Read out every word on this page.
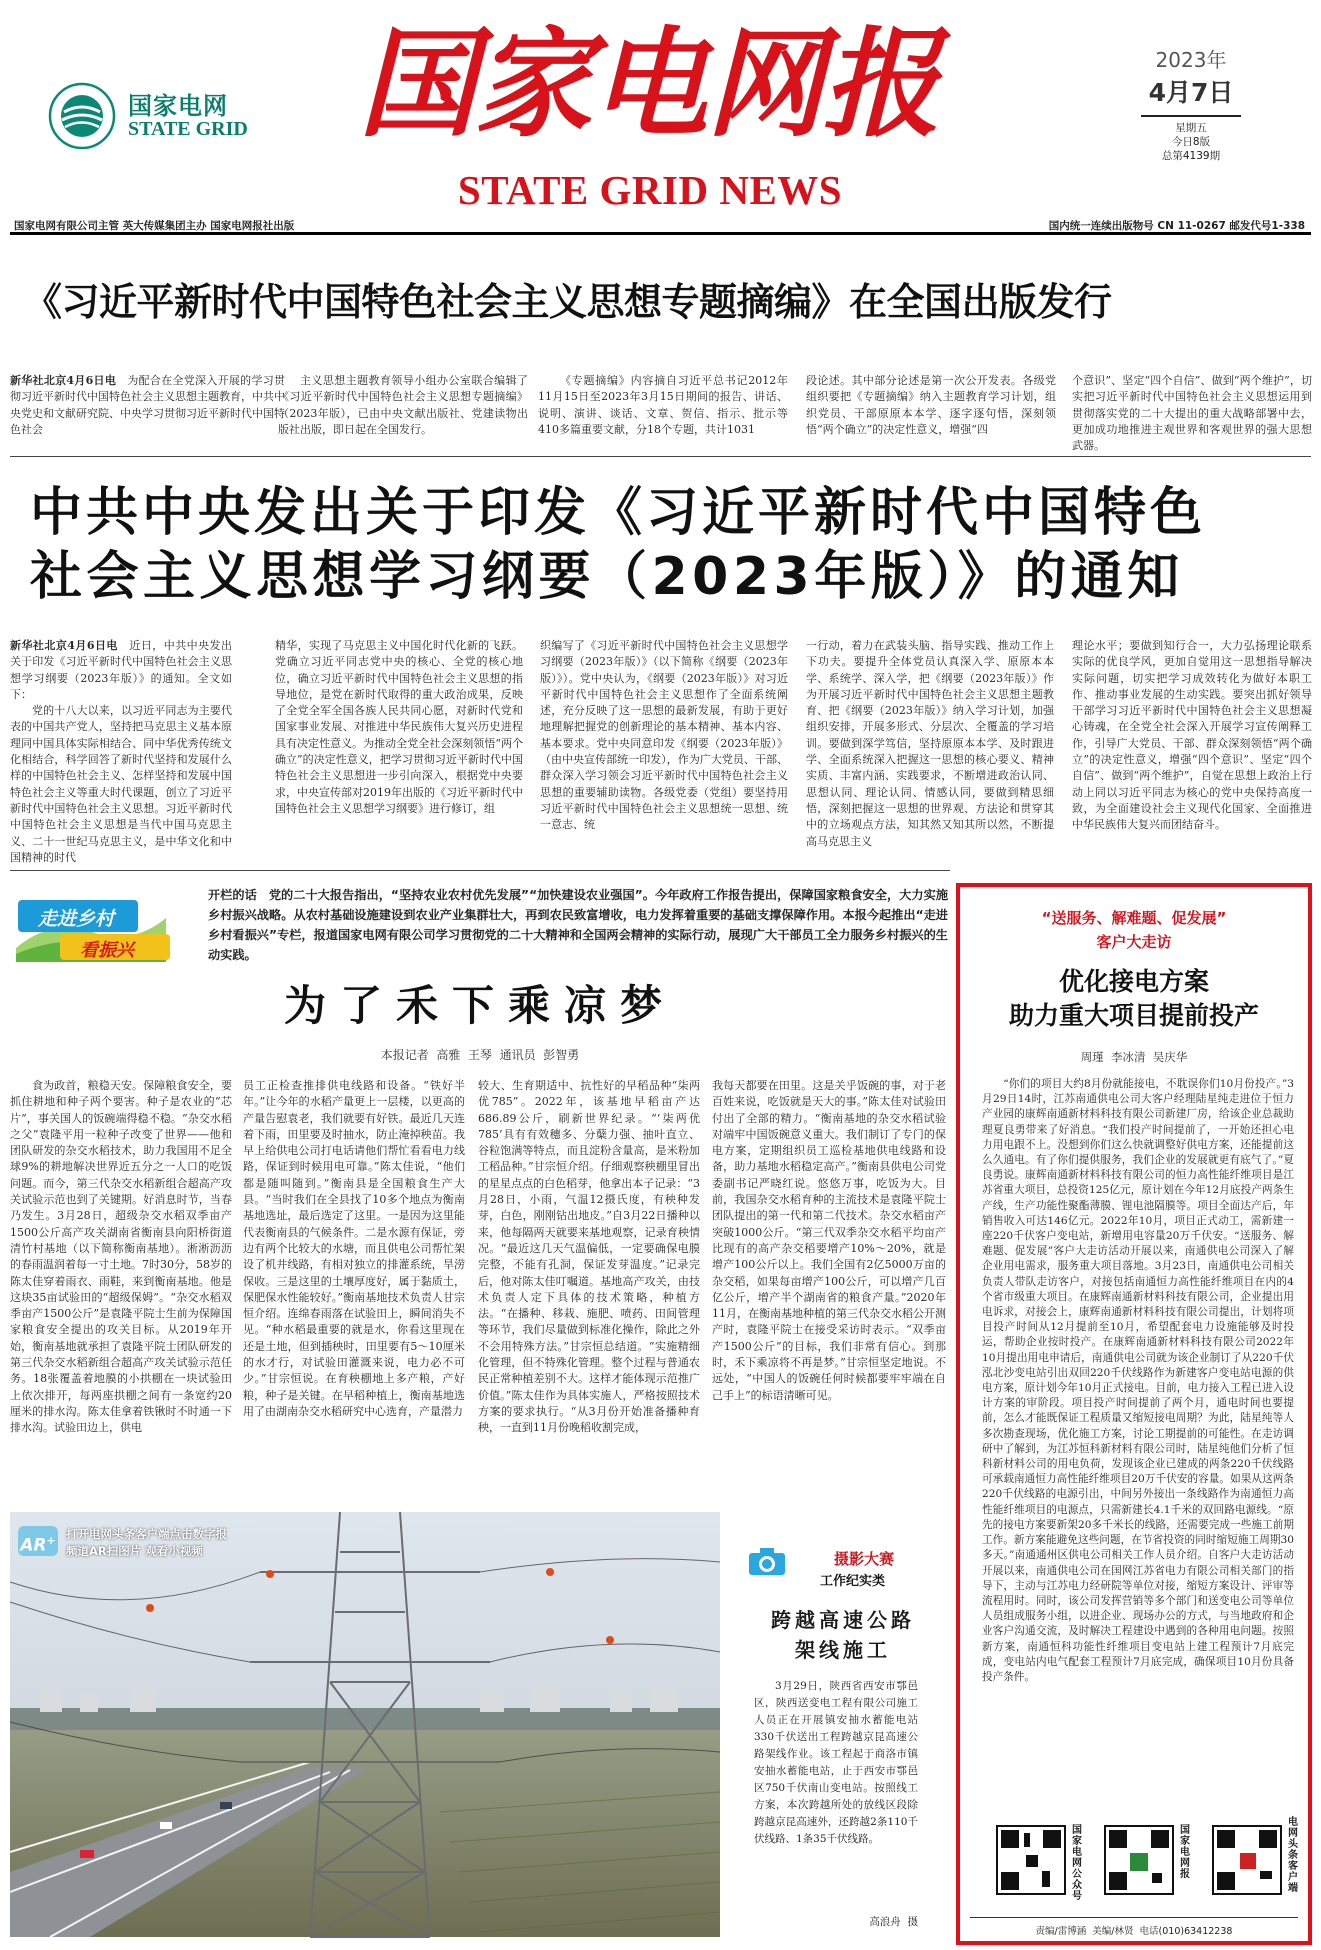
国家电网
STATE GRID 国家电网报
STATE GRID NEWS
2023年
4月7日
星期五
今日8版
总第4139期
国家电网有限公司主管 英大传媒集团主办 国家电网报社出版	国内统一连续出版物号 CN 11-0267 邮发代号1-338
《习近平新时代中国特色社会主义思想专题摘编》在全国出版发行

新华社北京4月6日电　 为配合在全党深入开展的学习贯彻习近平新时代中国特色社会主义思想主题教育，中共中央党史和文献研究院、中央学习贯彻习近平新时代中国特色社会

主义思想主题教育领导小组办公室联合编辑了《习近平新时代中国特色社会主义思想专题摘编》（2023年版），已由中央文献出版社、党建读物出版社出版，即日起在全国发行。

《专题摘编》内容摘自习近平总书记2012年11月15日至2023年3月15日期间的报告、讲话、说明、演讲、谈话、文章、贺信、指示、批示等410多篇重要文献，分18个专题，共计1031

段论述。其中部分论述是第一次公开发表。各级党组织要把《专题摘编》纳入主题教育学习计划，组织党员、干部原原本本学、逐字逐句悟，深刻领悟“两个确立”的决定性意义，增强“四

个意识”、坚定“四个自信”、做到“两个维护”，切实把习近平新时代中国特色社会主义思想运用到贯彻落实党的二十大提出的重大战略部署中去，更加成功地推进主观世界和客观世界的强大思想武器。

中共中央发出关于印发《习近平新时代中国特色
社会主义思想学习纲要（2023年版）》的通知

新华社北京4月6日电　 近日，中共中央发出关于印发《习近平新时代中国特色社会主义思想学习纲要（2023年版）》的通知。全文如下：

党的十八大以来，以习近平同志为主要代表的中国共产党人，坚持把马克思主义基本原理同中国具体实际相结合、同中华优秀传统文化相结合，科学回答了新时代坚持和发展什么样的中国特色社会主义、怎样坚持和发展中国特色社会主义等重大时代课题，创立了习近平新时代中国特色社会主义思想。习近平新时代中国特色社会主义思想是当代中国马克思主义、二十一世纪马克思主义，是中华文化和中国精神的时代

精华，实现了马克思主义中国化时代化新的飞跃。党确立习近平同志党中央的核心、全党的核心地位，确立习近平新时代中国特色社会主义思想的指导地位，是党在新时代取得的重大政治成果，反映了全党全军全国各族人民共同心愿，对新时代党和国家事业发展、对推进中华民族伟大复兴历史进程具有决定性意义。为推动全党全社会深刻领悟“两个确立”的决定性意义，把学习贯彻习近平新时代中国特色社会主义思想进一步引向深入，根据党中央要求，中央宣传部对2019年出版的《习近平新时代中国特色社会主义思想学习纲要》进行修订，组

织编写了《习近平新时代中国特色社会主义思想学习纲要（2023年版）》（以下简称《纲要（2023年版）》）。党中央认为，《纲要（2023年版）》对习近平新时代中国特色社会主义思想作了全面系统阐述，充分反映了这一思想的最新发展，有助于更好地理解把握党的创新理论的基本精神、基本内容、基本要求。党中央同意印发《纲要（2023年版）》（由中央宣传部统一印发），作为广大党员、干部、群众深入学习领会习近平新时代中国特色社会主义思想的重要辅助读物。各级党委（党组）要坚持用习近平新时代中国特色社会主义思想统一思想、统一意志、统

一行动，着力在武装头脑、指导实践、推动工作上下功夫。要提升全体党员认真深入学、原原本本学、系统学、深入学，把《纲要（2023年版）》作为开展习近平新时代中国特色社会主义思想主题教育、把《纲要（2023年版）》纳入学习计划，加强组织安排，开展多形式、分层次、全覆盖的学习培训。要做到深学笃信，坚持原原本本学、及时跟进学、全面系统深入把握这一思想的核心要义、精神实质、丰富内涵、实践要求，不断增进政治认同、思想认同、理论认同、情感认同，要做到精思细悟，深刻把握这一思想的世界观、方法论和贯穿其中的立场观点方法，知其然又知其所以然，不断提高马克思主义

理论水平；要做到知行合一，大力弘扬理论联系实际的优良学风，更加自觉用这一思想指导解决实际问题，切实把学习成效转化为做好本职工作、推动事业发展的生动实践。要突出抓好领导干部学习习近平新时代中国特色社会主义思想凝心铸魂，在全党全社会深入开展学习宣传阐释工作，引导广大党员、干部、群众深刻领悟“两个确立”的决定性意义，增强“四个意识”、坚定“四个自信”、做到“两个维护”，自觉在思想上政治上行动上同以习近平同志为核心的党中央保持高度一致，为全面建设社会主义现代化国家、全面推进中华民族伟大复兴而团结奋斗。

走进乡村
看振兴
开栏的话 党的二十大报告指出，“坚持农业农村优先发展”“加快建设农业强国”。今年政府工作报告提出，保障国家粮食安全，大力实施乡村振兴战略。从农村基础设施建设到农业产业集群壮大，再到农民致富增收，电力发挥着重要的基础支撑保障作用。本报今起推出“走进乡村看振兴”专栏，报道国家电网有限公司学习贯彻党的二十大精神和全国两会精神的实际行动，展现广大干部员工全力服务乡村振兴的生动实践。
为了禾下乘凉梦
本报记者  高雅  王琴  通讯员  彭智勇

食为政首，粮稳天安。保障粮食安全，要抓住耕地和种子两个要害。种子是农业的“芯片”，事关国人的饭碗端得稳不稳。“杂交水稻之父”袁隆平用一粒种子改变了世界——他和团队研发的杂交水稻技术，助力我国用不足全球9%的耕地解决世界近五分之一人口的吃饭问题。而今，第三代杂交水稻新组合超高产攻关试验示范也到了关键期。好消息时节，当春乃发生。3月28日，超级杂交水稻双季亩产1500公斤高产攻关湖南省衡南县向阳桥街道清竹村基地（以下简称衡南基地）。淅淅沥沥的春雨温润着每一寸土地。7时30分，58岁的陈太佳穿着雨衣、雨鞋，来到衡南基地。他是这块35亩试验田的“超级保姆”。“杂交水稻双季亩产1500公斤”是袁隆平院士生前为保障国家粮食安全提出的攻关目标。从2019年开始，衡南基地就承担了袁隆平院士团队研发的第三代杂交水稻新组合超高产攻关试验示范任务。18张覆盖着地膜的小拱棚在一块试验田上依次排开，每两座拱棚之间有一条宽约20厘米的排水沟。陈太佳拿着铁锹时不时通一下排水沟。试验田边上，供电

员工正检查推排供电线路和设备。“铁好半年。”让今年的水稻产量更上一层楼，以更高的产量告慰袁老，我们就要有好铁。最近几天连着下雨，田里要及时抽水，防止淹掉秧苗。我早上给供电公司打电话请他们帮忙看看电力线路，保证到时候用电可靠。”陈太佳说，“他们都是随叫随到。”衡南县是全国粮食生产大县。“当时我们在全县找了10多个地点为衡南基地选址，最后选定了这里。一是因为这里能代表衡南县的气候条件。二是水源有保证，旁边有两个比较大的水塘，而且供电公司帮忙架设了机井线路，有相对独立的排灌系统，旱涝保收。三是这里的土壤厚度好，属于黏质土，保肥保水性能较好。”衡南基地技术负责人甘宗恒介绍。连绵春雨落在试验田上，瞬间消失不见。“种水稻最重要的就是水，你看这里现在还是土地，但到插秧时，田里要有5～10厘米的水才行，对试验田灌溉来说，电力必不可少。”甘宗恒说。在育秧棚地上多产粮，产好粮，种子是关键。在早稻种植上，衡南基地选用了由湖南杂交水稻研究中心选育，产量潜力

较大、生育期适中、抗性好的早稻品种“柒两优785”。2022年，该基地早稻亩产达686.89公斤，刷新世界纪录。“‘柒两优785’具有有效穗多、分蘖力强、抽叶直立、谷粒饱满等特点，而且淀粉含量高，是米粉加工稻品种。”甘宗恒介绍。仔细观察秧棚里冒出的星星点点的白色稻芽，他拿出本子记录：“3月28日，小雨，气温12摄氏度，有秧种发芽，白色，刚刚钻出地皮。”自3月22日播种以来，他每隔两天就要来基地观察，记录育秧情况。“最近这几天气温偏低，一定要确保电膜完整，不能有孔洞，保证发芽温度。”记录完后，他对陈太佳叮嘱道。基地高产攻关，由技术负责人定下具体的技术策略，种植方法。“在播种、移栽、施肥、喷药、田间管理等环节，我们尽量做到标准化操作，除此之外不会用特殊方法。”甘宗恒总结道。“实施精细化管理，但不特殊化管理。整个过程与普通农民正常种植差别不大。这样才能体现示范推广价值。”陈太佳作为具体实施人，严格按照技术方案的要求执行。“从3月份开始准备播种育秧，一直到11月份晚稻收割完成，

我每天都要在田里。这是关乎饭碗的事，对于老百姓来说，吃饭就是天大的事。”陈太佳对试验田付出了全部的精力。“衡南基地的杂交水稻试验对端牢中国饭碗意义重大。我们制订了专门的保电方案，定期组织员工巡检基地供电线路和设备，助力基地水稻稳定高产。”衡南县供电公司党委副书记严晓红说。悠悠万事，吃饭为大。目前，我国杂交水稻育种的主流技术是袁隆平院士团队提出的第一代和第二代技术。杂交水稻亩产突破1000公斤。“第三代双季杂交水稻平均亩产比现有的高产杂交稻要增产10%～20%，就是增产100公斤以上。我们全国有2亿5000万亩的杂交稻，如果每亩增产100公斤，可以增产几百亿公斤，增产半个湖南省的粮食产量。”2020年11月，在衡南基地种植的第三代杂交水稻公开测产时，袁隆平院士在接受采访时表示。“双季亩产1500公斤”的目标，我们非常有信心。到那时，禾下乘凉将不再是梦。”甘宗恒坚定地说。不远处，“中国人的饭碗任何时候都要牢牢端在自己手上”的标语清晰可见。

AR+ 打开电网头条客户端点击数字报
频道AR扫图片 观看小视频	摄影大赛
工作纪实类
跨越高速公路
架线施工
3月29日，陕西省西安市鄠邑区，陕西送变电工程有限公司施工人员正在开展镇安抽水蓄能电站330千伏送出工程跨越京昆高速公路架线作业。该工程起于商洛市镇安抽水蓄能电站，止于西安市鄠邑区750千伏南山变电站。按照线工方案，本次跨越所处的放线区段除跨越京昆高速外，还跨越2条110千伏线路、1条35千伏线路。
高浪舟  摄
“送服务、解难题、促发展”
客户大走访
优化接电方案
助力重大项目提前投产
周瑾  李冰清  吴庆华

“你们的项目大约8月份就能接电，不耽误你们10月份投产。”3月29日14时，江苏南通供电公司大客户经理陆星纯走进位于恒力产业园的康辉南通新材料科技有限公司新建厂房，给该企业总裁助理夏良勇带来了好消息。“我们投产时间提前了，一开始还担心电力用电跟不上。没想到你们这么快就调整好供电方案，还能提前这么久通电。有了你们提供服务，我们企业的发展就更有底气了。”夏良勇说。康辉南通新材料科技有限公司的恒力高性能纤维项目是江苏省重大项目，总投资125亿元，原计划在今年12月底投产两条生产线，生产功能性聚酯薄膜、锂电池隔膜等。项目全面达产后，年销售收入可达146亿元。2022年10月，项目正式动工，需新建一座220千伏客户变电站，新增用电容量20万千伏安。“送服务、解难题、促发展”客户大走访活动开展以来，南通供电公司深入了解企业用电需求，服务重大项目落地。3月23日，南通供电公司相关负责人带队走访客户，对接包括南通恒力高性能纤维项目在内的4个省市级重大项目。在康辉南通新材料科技有限公司，企业提出用电诉求，对接会上，康辉南通新材料科技有限公司提出，计划将项目投产时间从12月提前至10月，希望配套电力设施能够及时投运，帮助企业按时投产。在康辉南通新材料科技有限公司2022年10月提出用电申请后，南通供电公司就为该企业制订了从220千伏泓北沙变电站引出双回220千伏线路作为新建客户变电站电源的供电方案，原计划今年10月正式接电。目前，电力接入工程已进入设计方案的审阶段。项目投产时间提前了两个月，通电时间也要提前，怎么才能既保证工程质量又缩短接电周期？为此，陆星纯等人多次勘查现场，优化施工方案，讨论工期提前的可能性。在走访调研中了解到，为江苏恒科新材料有限公司时，陆星纯他们分析了恒科新材料公司的用电负荷，发现该企业已建成的两条220千伏线路可承载南通恒力高性能纤维项目20万千伏安的容量。如果从这两条220千伏线路的电源引出，中间另外接出一条线路作为南通恒力高性能纤维项目的电源点，只需新建长4.1千米的双回路电源线。“原先的接电方案要新架20多千米长的线路，还需要完成一些施工前期工作。新方案能避免这些问题，在节省投资的同时缩短施工周期30多天。”南通通州区供电公司相关工作人员介绍。自客户大走访活动开展以来，南通供电公司在国网江苏省电力有限公司相关部门的指导下，主动与江苏电力经研院等单位对接，缩短方案设计、评审等流程用时。同时，该公司发挥营销等多个部门和送变电公司等单位人员组成服务小组，以进企业、现场办公的方式，与当地政府和企业客户沟通交流，及时解决工程建设中遇到的各种用电问题。按照新方案，南通恒科功能性纤维项目变电站上建工程预计7月底完成，变电站内电气配套工程预计7月底完成，确保项目10月份具备投产条件。

国家电网公众号
国家电网报
电网头条客户端
责编/雷博涵  美编/林贤  电话(010)63412238
